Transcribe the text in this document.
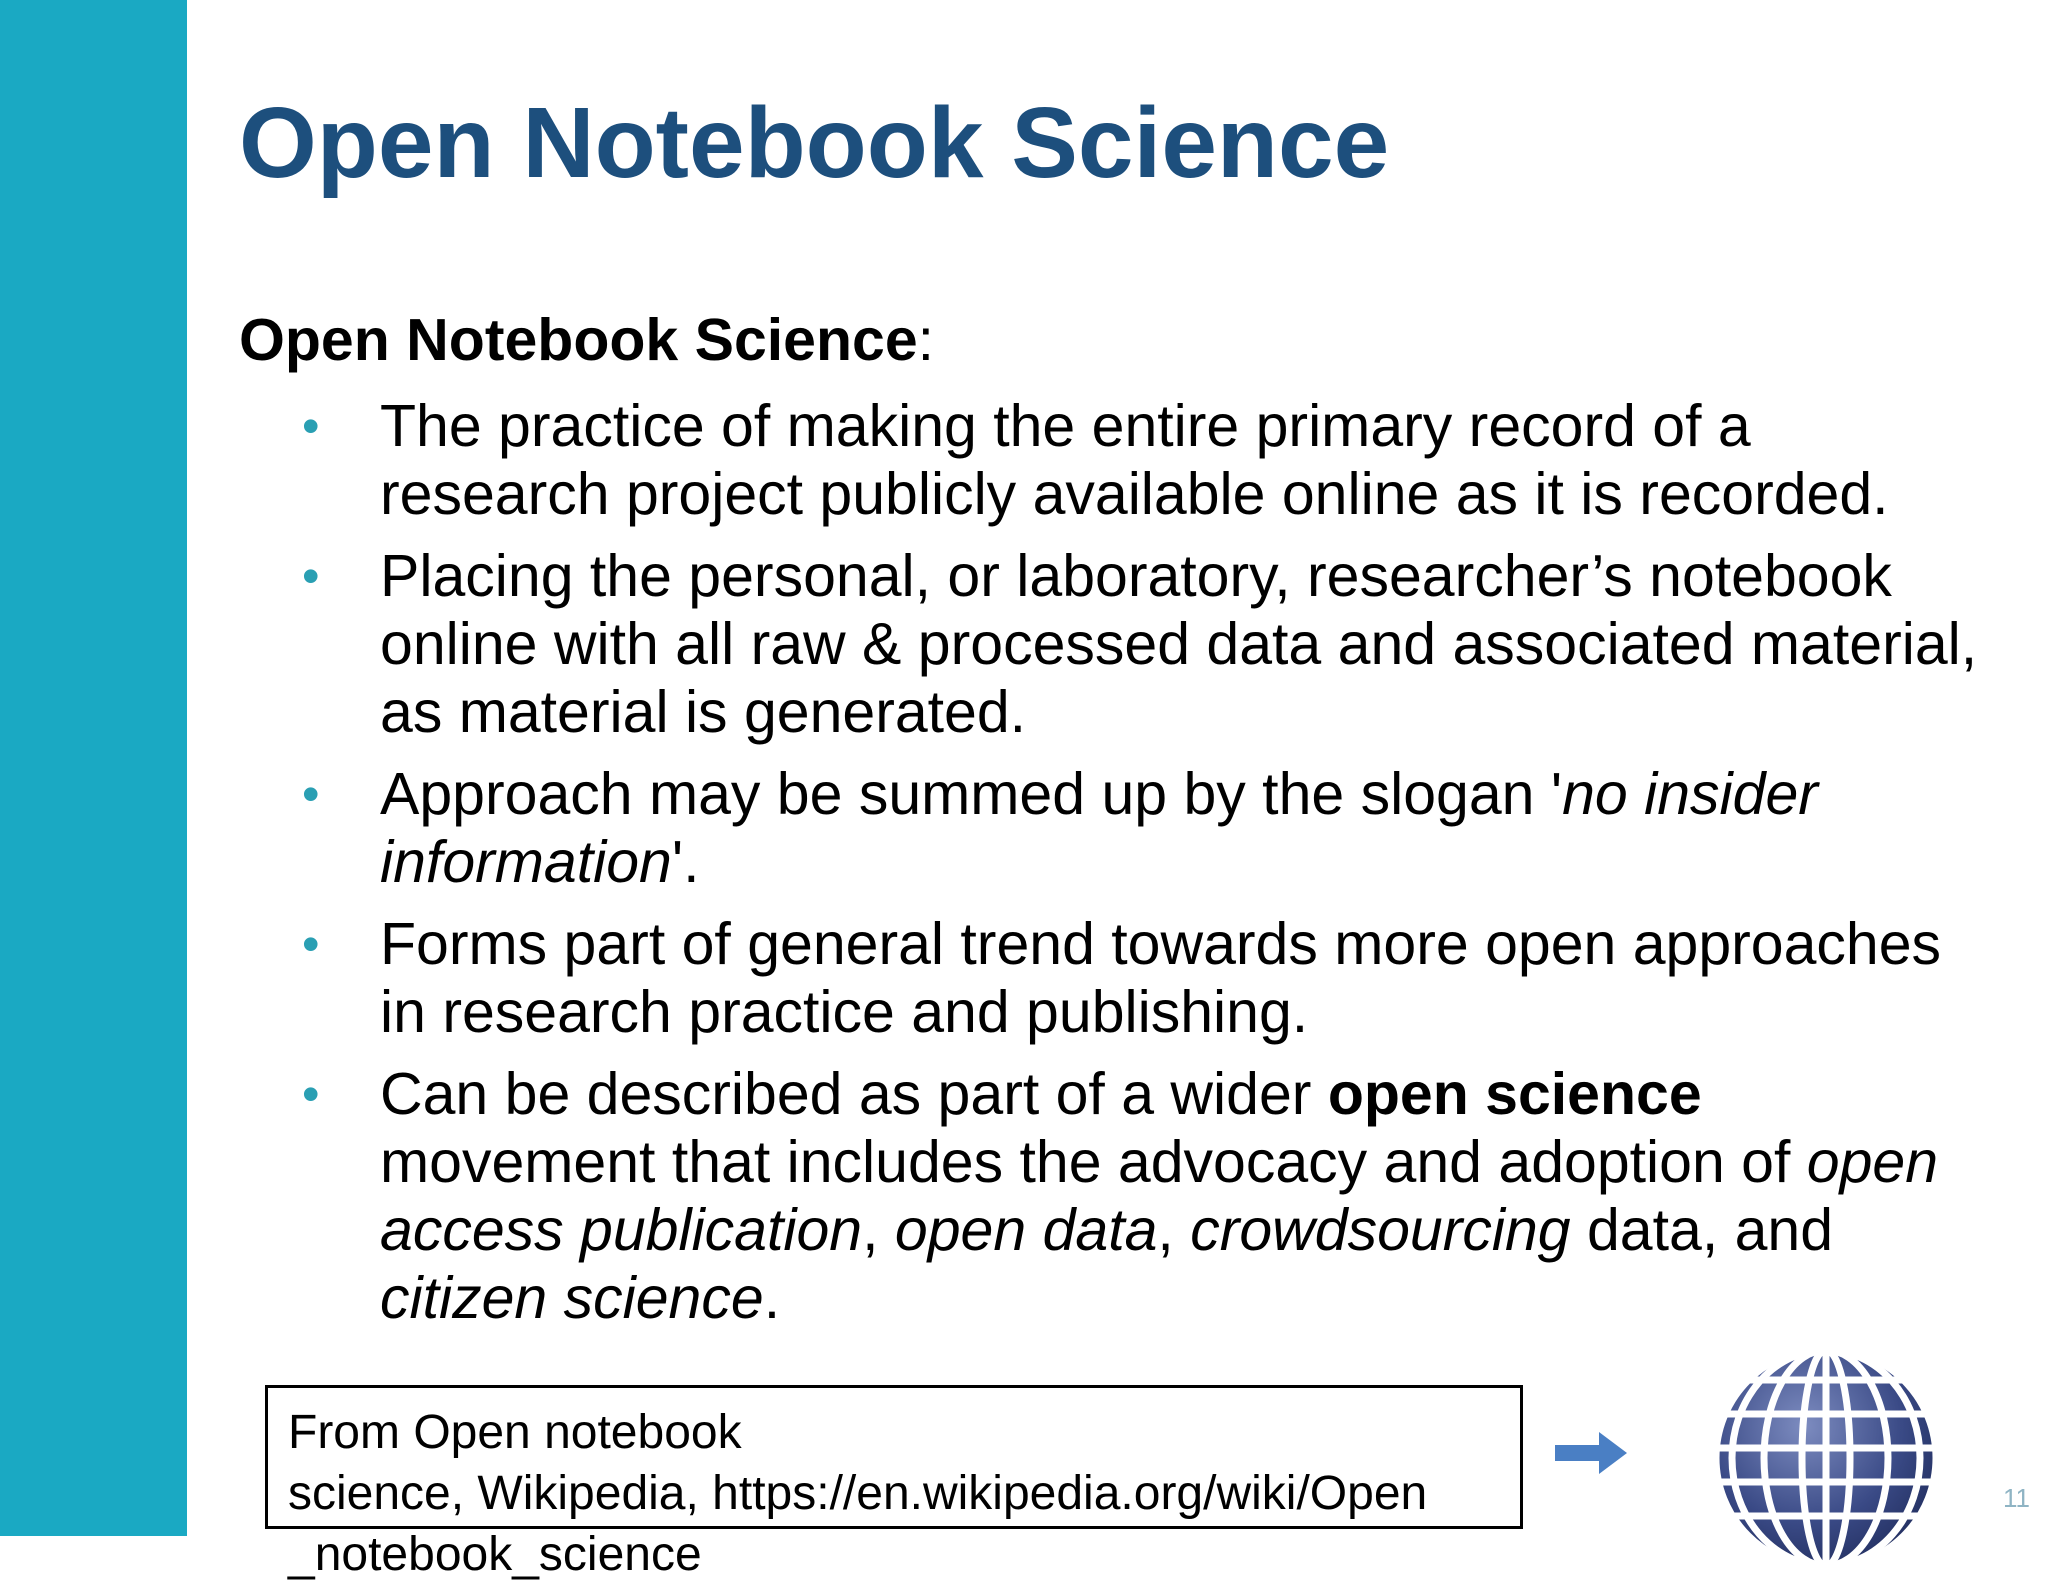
Open Notebook Science
Open Notebook Science:
• The practice of making the entire primary record of a research project publicly available online as it is recorded.
• Placing the personal, or laboratory, researcher’s notebook online with all raw & processed data and associated material, as material is generated.
• Approach may be summed up by the slogan 'no insider information'.
• Forms part of general trend towards more open approaches in research practice and publishing.
• Can be described as part of a wider open science movement that includes the advocacy and adoption of open access publication, open data, crowdsourcing data, and citizen science.
From Open notebook
science, Wikipedia, https://en.wikipedia.org/wiki/Open
_notebook_science
11
